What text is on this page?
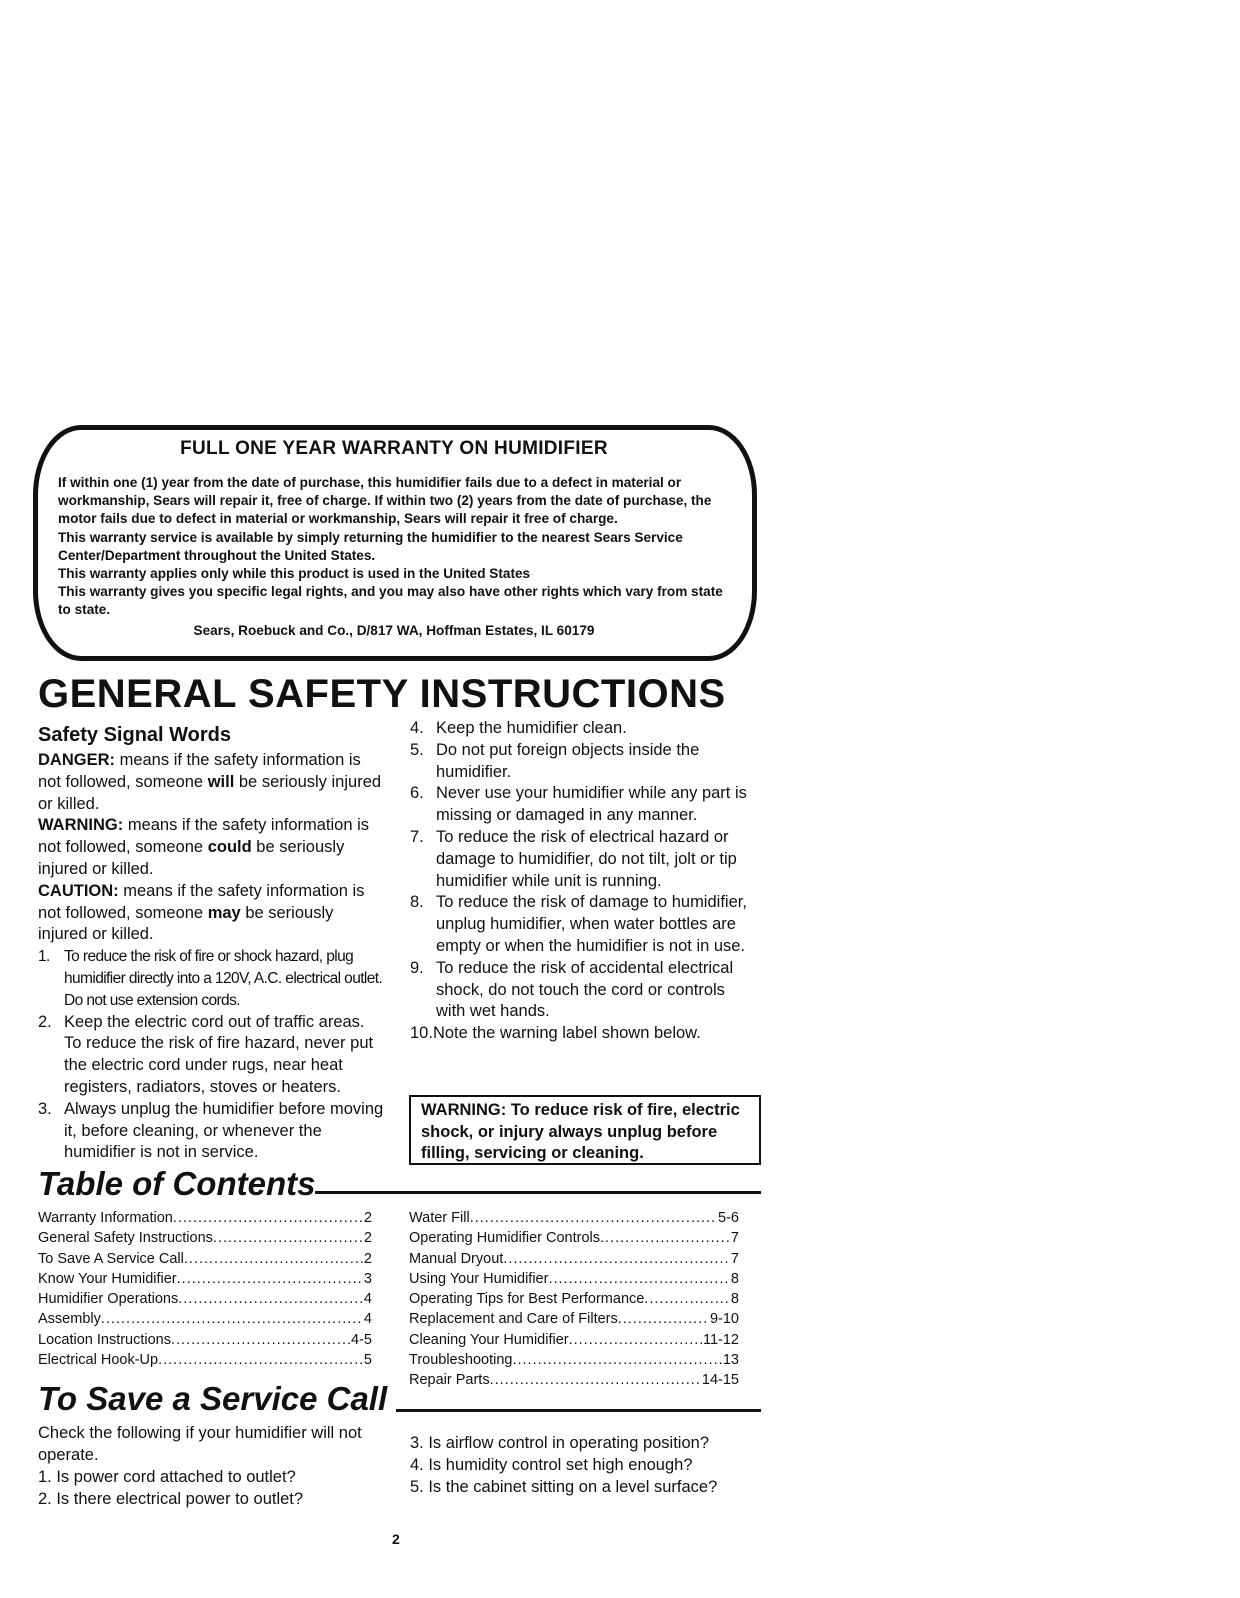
FULL ONE YEAR WARRANTY ON HUMIDIFIER

If within one (1) year from the date of purchase, this humidifier fails due to a defect in material or workmanship, Sears will repair it, free of charge. If within two (2) years from the date of purchase, the motor fails due to defect in material or workmanship, Sears will repair it free of charge.

This warranty service is available by simply returning the humidifier to the nearest Sears Service Center/Department throughout the United States.

This warranty applies only while this product is used in the United States

This warranty gives you specific legal rights, and you may also have other rights which vary from state to state.

Sears, Roebuck and Co., D/817 WA, Hoffman Estates, IL 60179

GENERAL SAFETY INSTRUCTIONS
Safety Signal Words

DANGER: means if the safety information is not followed, someone will be seriously injured or killed.

WARNING: means if the safety information is not followed, someone could be seriously injured or killed.

CAUTION: means if the safety information is not followed, someone may be seriously injured or killed.

1. To reduce the risk of fire or shock hazard, plug humidifier directly into a 120V, A.C. electrical outlet. Do not use extension cords.
2. Keep the electric cord out of traffic areas. To reduce the risk of fire hazard, never put the electric cord under rugs, near heat registers, radiators, stoves or heaters.
3. Always unplug the humidifier before moving it, before cleaning, or whenever the humidifier is not in service.
4. Keep the humidifier clean.
5. Do not put foreign objects inside the humidifier.
6. Never use your humidifier while any part is missing or damaged in any manner.
7. To reduce the risk of electrical hazard or damage to humidifier, do not tilt, jolt or tip humidifier while unit is running.
8. To reduce the risk of damage to humidifier, unplug humidifier, when water bottles are empty or when the humidifier is not in use.
9. To reduce the risk of accidental electrical shock, do not touch the cord or controls with wet hands.
10.Note the warning label shown below.
WARNING: To reduce risk of fire, electric shock, or injury always unplug before filling, servicing or cleaning.
Table of Contents
Warranty Information .....	2
General Safety Instructions .....	2
To Save A Service Call .....	2
Know Your Humidifier .....	3
Humidifier Operations .....	4
Assembly .....	4
Location Instructions .....	4-5
Electrical Hook-Up .....	5
Water Fill .....	5-6
Operating Humidifier Controls .....	7
Manual Dryout .....	7
Using Your Humidifier .....	8
Operating Tips for Best Performance .....	8
Replacement and Care of Filters .....	9-10
Cleaning Your Humidifier .....	11-12
Troubleshooting .....	13
Repair Parts .....	14-15
To Save a Service Call

Check the following if your humidifier will not operate.

1. Is power cord attached to outlet?

2. Is there electrical power to outlet?

3. Is airflow control in operating position?

4. Is humidity control set high enough?

5. Is the cabinet sitting on a level surface?

2
